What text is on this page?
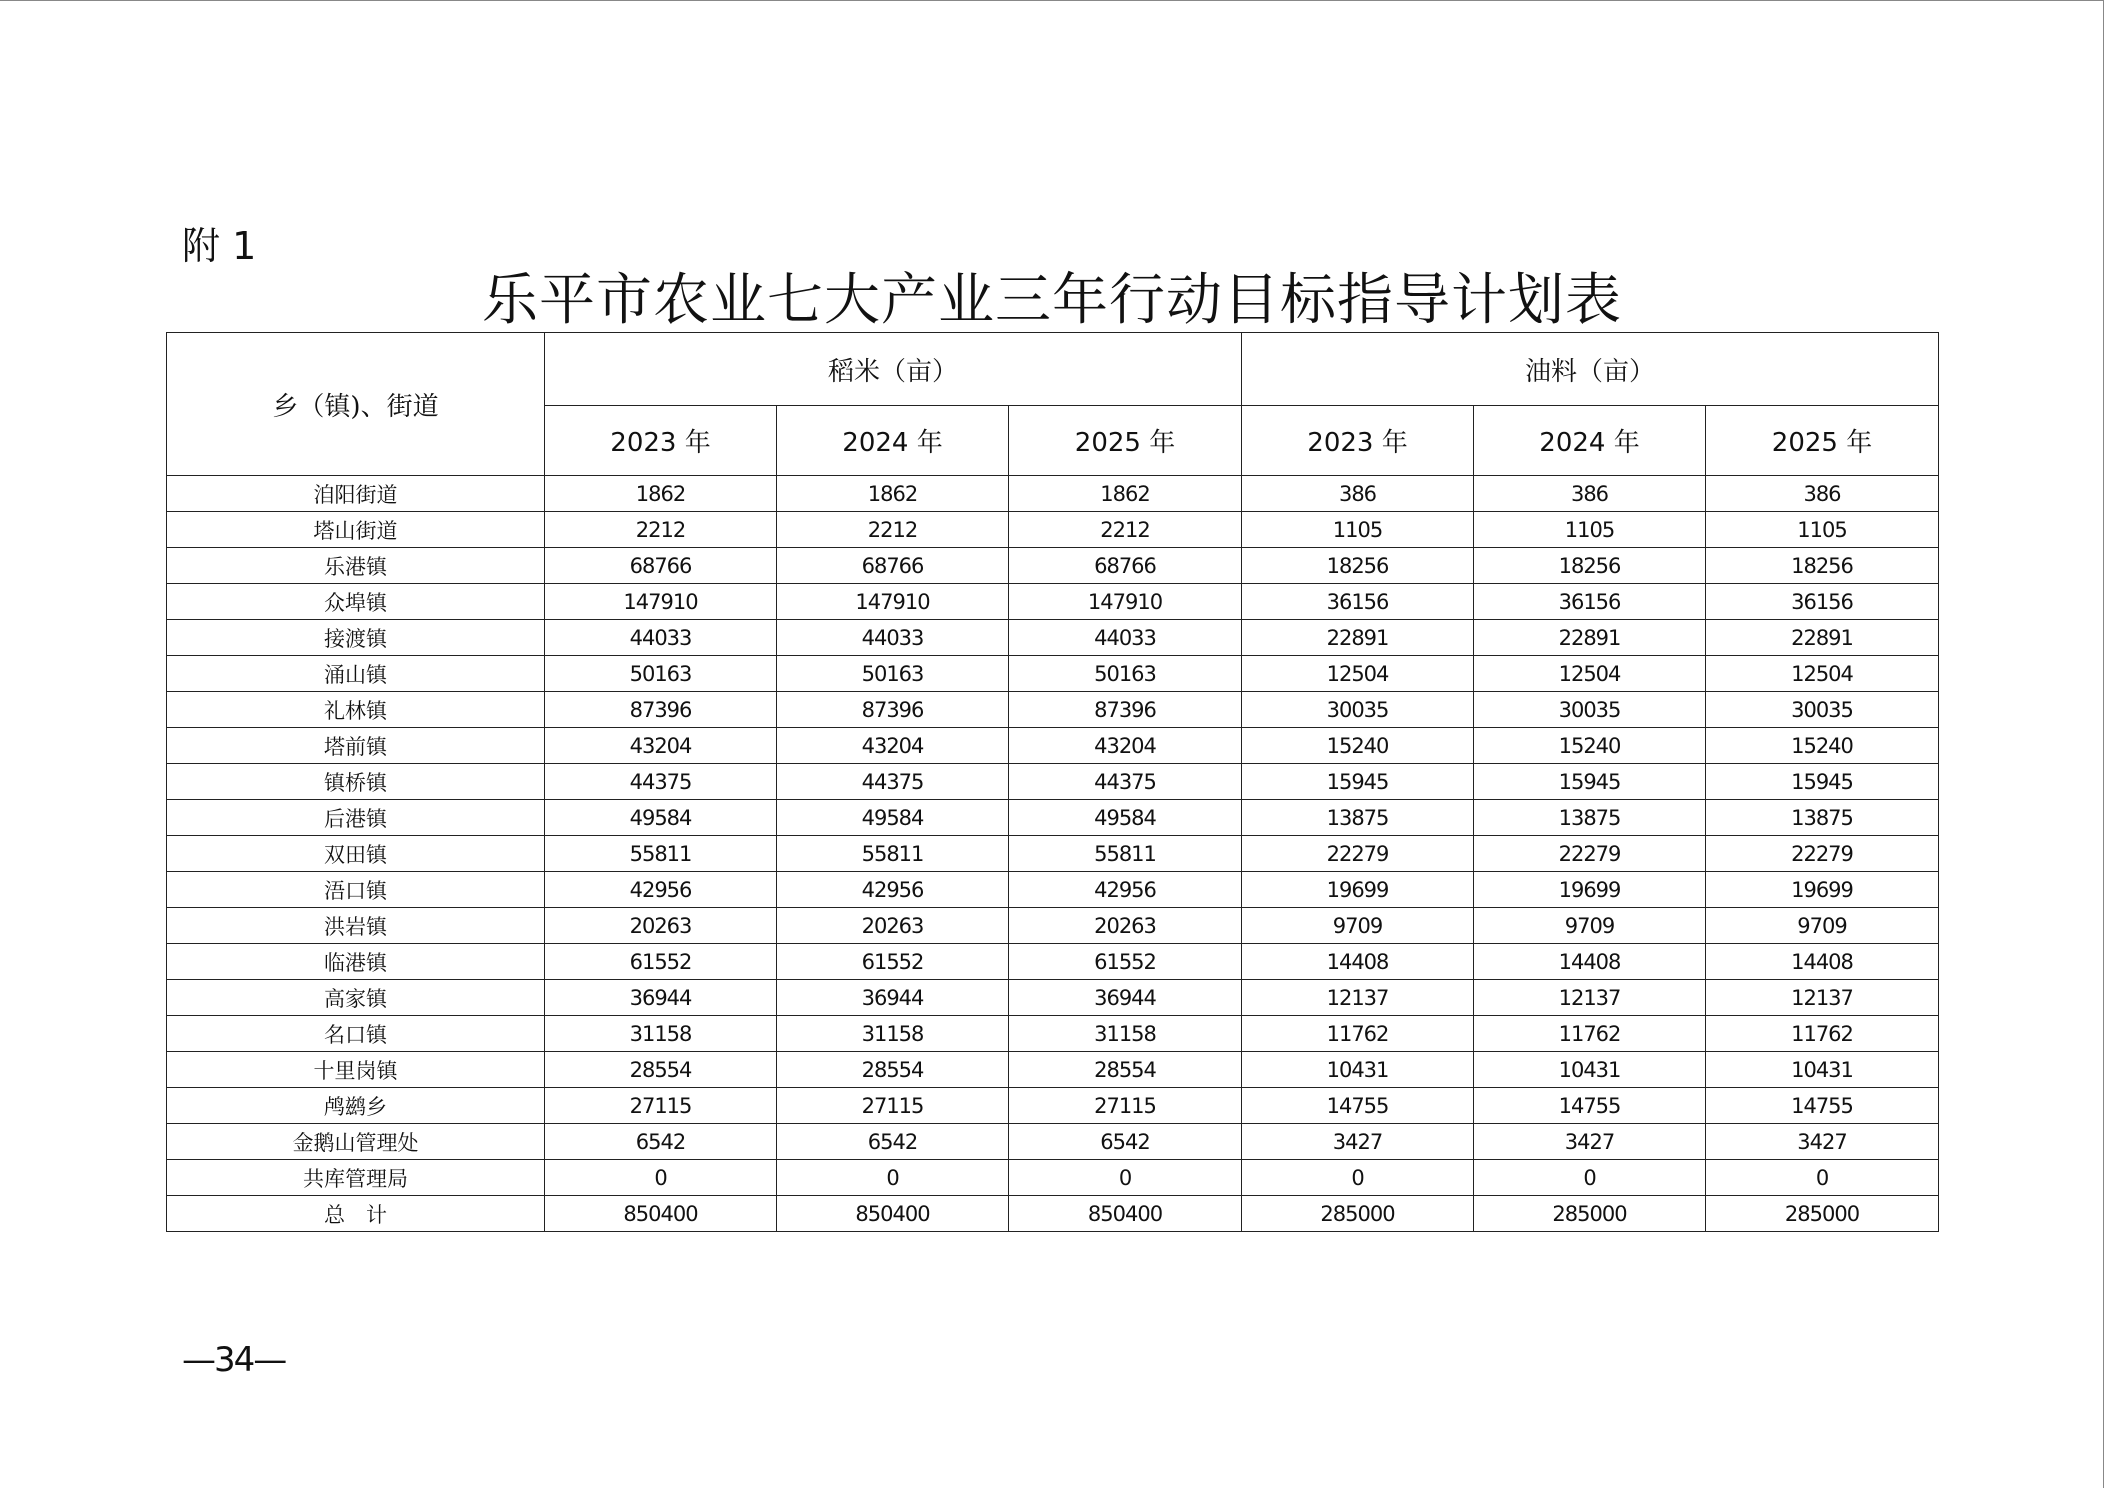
附 1
乐平市农业七大产业三年行动目标指导计划表
乡（镇)、街道	稻米（亩）			油料（亩）		
	2023 年	2024 年	2025 年	2023 年	2024 年	2025 年
洎阳街道	1862	1862	1862	386	386	386
塔山街道	2212	2212	2212	1105	1105	1105
乐港镇	68766	68766	68766	18256	18256	18256
众埠镇	147910	147910	147910	36156	36156	36156
接渡镇	44033	44033	44033	22891	22891	22891
涌山镇	50163	50163	50163	12504	12504	12504
礼林镇	87396	87396	87396	30035	30035	30035
塔前镇	43204	43204	43204	15240	15240	15240
镇桥镇	44375	44375	44375	15945	15945	15945
后港镇	49584	49584	49584	13875	13875	13875
双田镇	55811	55811	55811	22279	22279	22279
浯口镇	42956	42956	42956	19699	19699	19699
洪岩镇	20263	20263	20263	9709	9709	9709
临港镇	61552	61552	61552	14408	14408	14408
高家镇	36944	36944	36944	12137	12137	12137
名口镇	31158	31158	31158	11762	11762	11762
十里岗镇	28554	28554	28554	10431	10431	10431
鸬鹚乡	27115	27115	27115	14755	14755	14755
金鹅山管理处	6542	6542	6542	3427	3427	3427
共库管理局	0	0	0	0	0	0
总　计	850400	850400	850400	285000	285000	285000
—34—
